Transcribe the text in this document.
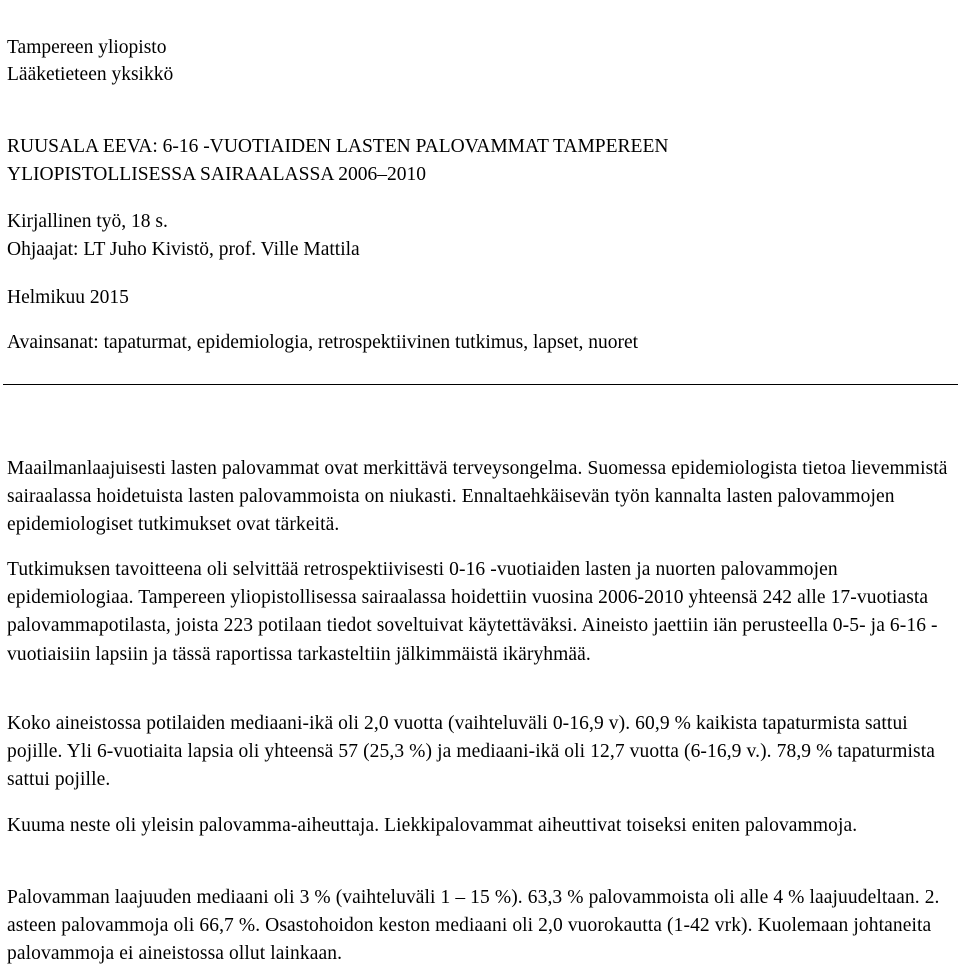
Tampereen yliopisto

Lääketieteen yksikkö

RUUSALA EEVA: 6-16 -VUOTIAIDEN LASTEN PALOVAMMAT TAMPEREEN

YLIOPISTOLLISESSA SAIRAALASSA 2006–2010

Kirjallinen työ, 18 s.

Ohjaajat: LT Juho Kivistö, prof. Ville Mattila

Helmikuu 2015

Avainsanat: tapaturmat, epidemiologia, retrospektiivinen tutkimus, lapset, nuoret

Maailmanlaajuisesti lasten palovammat ovat merkittävä terveysongelma. Suomessa epidemiologista tietoa lievemmistä sairaalassa hoidetuista lasten palovammoista on niukasti. Ennaltaehkäisevän työn kannalta lasten palovammojen epidemiologiset tutkimukset ovat tärkeitä.

Tutkimuksen tavoitteena oli selvittää retrospektiivisesti 0-16 -vuotiaiden lasten ja nuorten palovammojen epidemiologiaa. Tampereen yliopistollisessa sairaalassa hoidettiin vuosina 2006-2010 yhteensä 242 alle 17-vuotiasta palovammapotilasta, joista 223 potilaan tiedot soveltuivat käytettäväksi. Aineisto jaettiin iän perusteella 0-5- ja 6-16 -vuotiaisiin lapsiin ja tässä raportissa tarkasteltiin jälkimmäistä ikäryhmää.

Koko aineistossa potilaiden mediaani-ikä oli 2,0 vuotta (vaihteluväli 0-16,9 v). 60,9 % kaikista tapaturmista sattui pojille. Yli 6-vuotiaita lapsia oli yhteensä 57 (25,3 %) ja mediaani-ikä oli 12,7 vuotta (6-16,9 v.). 78,9 % tapaturmista sattui pojille.

Kuuma neste oli yleisin palovamma-aiheuttaja. Liekkipalovammat aiheuttivat toiseksi eniten palovammoja.

Palovamman laajuuden mediaani oli 3 % (vaihteluväli 1 – 15 %). 63,3 % palovammoista oli alle 4 % laajuudeltaan. 2. asteen palovammoja oli 66,7 %. Osastohoidon keston mediaani oli 2,0 vuorokautta (1-42 vrk). Kuolemaan johtaneita palovammoja ei aineistossa ollut lainkaan.
